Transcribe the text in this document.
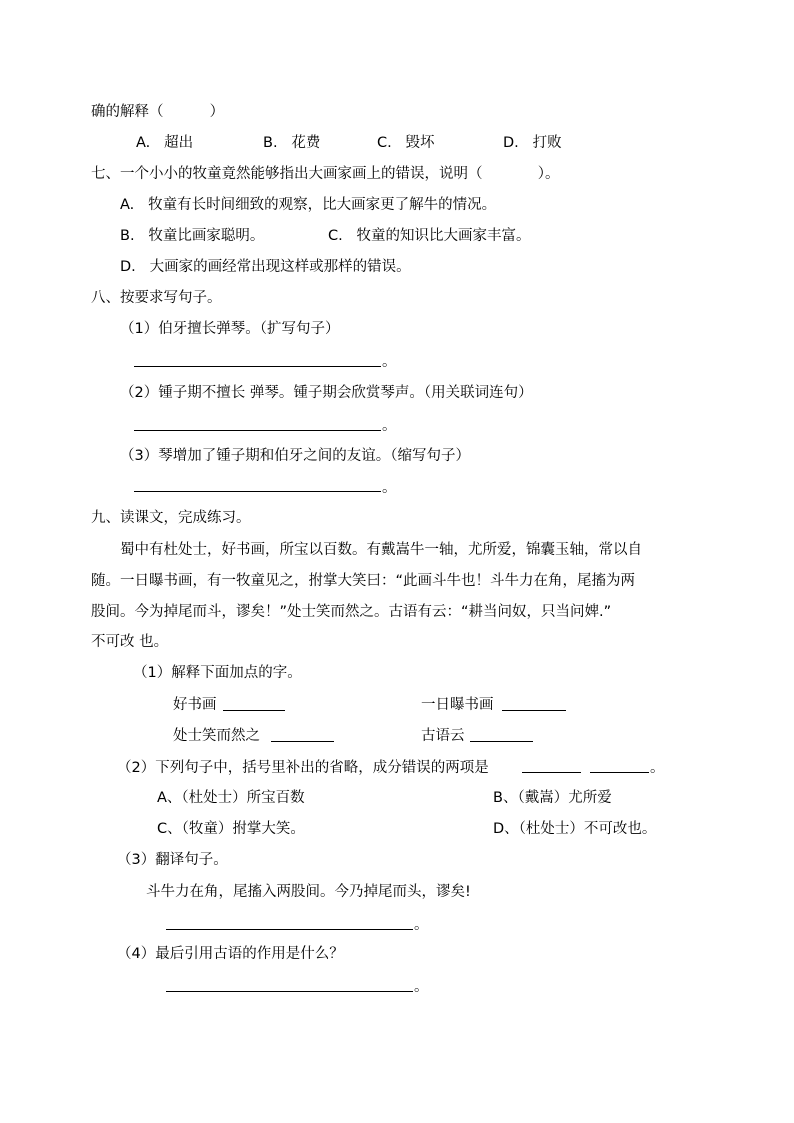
确的解释（          ）
A.   超出	B.   花费	C.   毁坏	D.   打败
七、一个小小的牧童竟然能够指出大画家画上的错误，说明（            ）。
A.   牧童有长时间细致的观察，比大画家更了解牛的情况。
B.   牧童比画家聪明。	C.   牧童的知识比大画家丰富。
D.   大画家的画经常出现这样或那样的错误。
八、按要求写句子。
（1）伯牙擅长弹琴。（扩写句子）
。
（2）锺子期不擅长 弹琴。锺子期会欣赏琴声。（用关联词连句）
。
（3）琴增加了锺子期和伯牙之间的友谊。（缩写句子）
。
九、读课文，完成练习。
蜀中有杜处士，好书画，所宝以百数。有戴嵩牛一轴，尤所爱，锦囊玉轴，常以自
随。一日曝书画，有一牧童见之，拊掌大笑曰：“此画斗牛也！斗牛力在角，尾搐为两
股间。今为掉尾而斗，谬矣！”处士笑而然之。古语有云：“耕当问奴，只当问婢.”
不可改 也。
（1）解释下面加点的字。
好书画	一日曝书画
处士笑而然之	古语云
（2）下列句子中，括号里补出的省略，成分错误的两项是	。
A、（杜处士）所宝百数	B、（戴嵩）尤所爱
C、（牧童）拊掌大笑。	D、（杜处士）不可改也。
（3）翻译句子。
斗牛力在角，尾搐入两股间。今乃掉尾而头，谬矣!
。
（4）最后引用古语的作用是什么？
。
